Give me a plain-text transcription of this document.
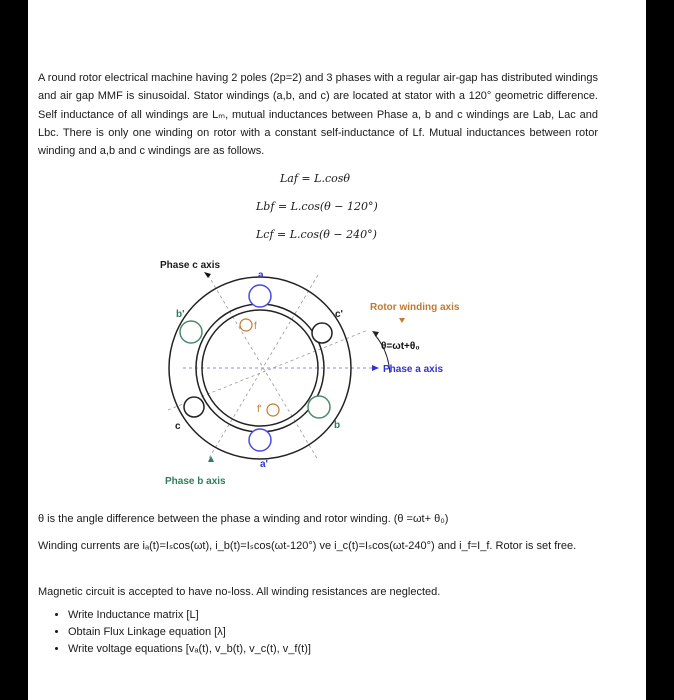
A round rotor electrical machine having 2 poles (2p=2) and 3 phases with a regular air-gap has distributed windings and air gap MMF is sinusoidal. Stator windings (a,b, and c) are located at stator with a 120° geometric difference. Self inductance of all windings are Lₘ, mutual inductances between Phase a, b and c windings are Lab, Lac and Lbc. There is only one winding on rotor with a constant self-inductance of Lf. Mutual inductances between rotor winding and a,b and c windings are as follows.
Laf = L.cosθ
Lbf = L.cos(θ − 120°)
Lcf = L.cos(θ − 240°)
Phase c axis
a
b'	c'
f
f'
Rotor winding axis
θ=ωt+θ₀
Phase a axis
c	b
a'
Phase b axis
θ is the angle difference between the phase a winding and rotor winding. (θ =ωt+ θ₀)
Winding currents are iₐ(t)=Iₛcos(ωt), i_b(t)=Iₛcos(ωt-120°) ve i_c(t)=Iₛcos(ωt-240°) and i_f=I_f. Rotor is set free.
Magnetic circuit is accepted to have no-loss. All winding resistances are neglected.
• Write Inductance matrix [L]
• Obtain Flux Linkage equation [λ]
• Write voltage equations [vₐ(t), v_b(t), v_c(t), v_f(t)]
